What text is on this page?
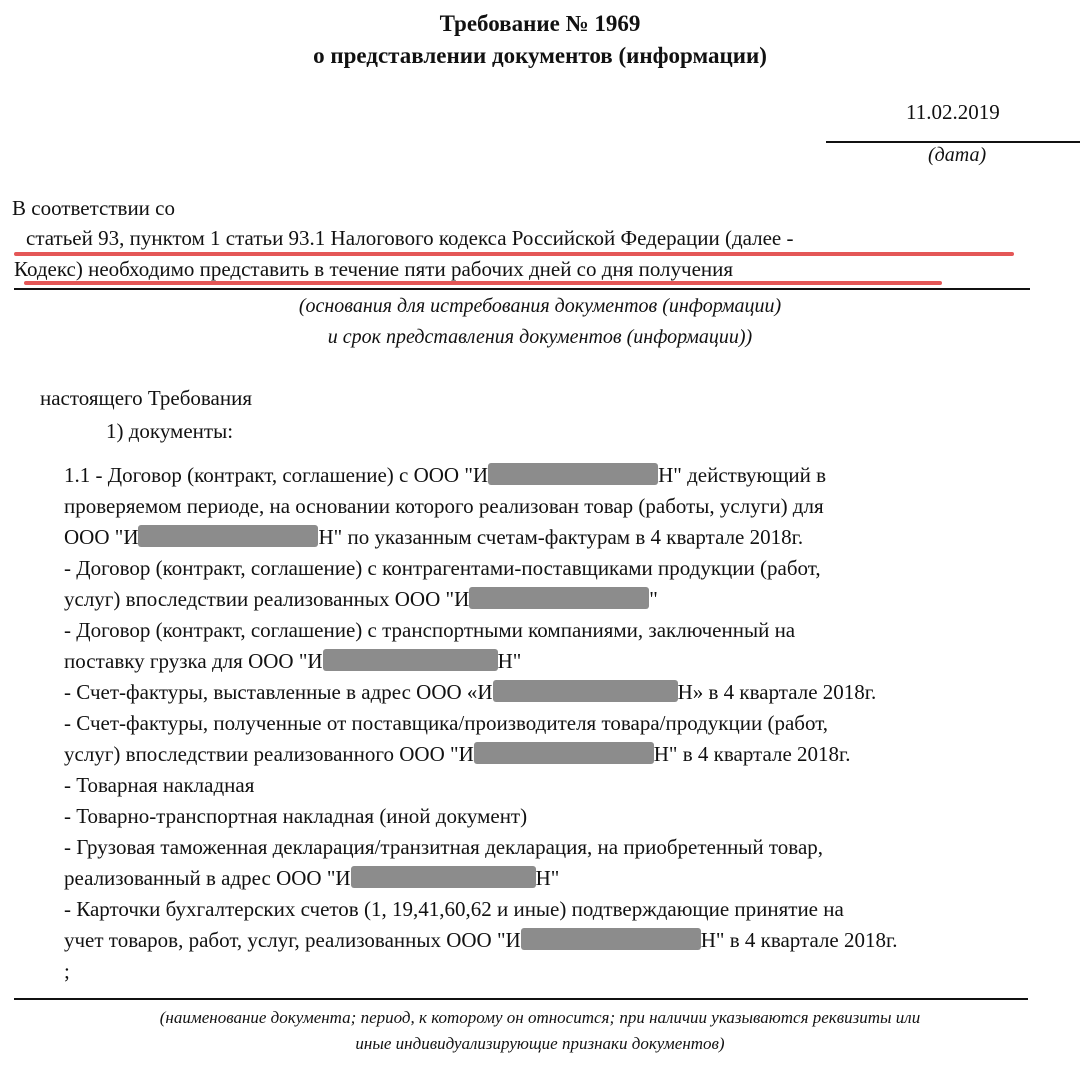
Требование № 1969
о представлении документов (информации)
11.02.2019
(дата)
В соответствии со
статьей 93, пунктом 1 статьи 93.1 Налогового кодекса Российской Федерации (далее -
Кодекс) необходимо представить в течение пяти рабочих дней со дня получения
(основания для истребования документов (информации)
и срок представления документов (информации))
настоящего Требования
1) документы:
1.1 - Договор (контракт, соглашение) с ООО "И	Н" действующий в
проверяемом периоде, на основании которого реализован товар (работы, услуги) для
ООО "И	Н" по указанным счетам-фактурам в 4 квартале 2018г.
- Договор (контракт, соглашение) с контрагентами-поставщиками продукции (работ,
услуг) впоследствии реализованных ООО "И	"
- Договор (контракт, соглашение) с транспортными компаниями, заключенный на
поставку грузка для ООО "И	Н"
- Счет-фактуры, выставленные в адрес ООО «И	Н» в 4 квартале 2018г.
- Счет-фактуры, полученные от поставщика/производителя товара/продукции (работ,
услуг) впоследствии реализованного ООО "И	Н" в 4 квартале 2018г.
- Товарная накладная
- Товарно-транспортная накладная (иной документ)
- Грузовая таможенная декларация/транзитная декларация, на приобретенный товар,
реализованный в адрес ООО "И	Н"
- Карточки бухгалтерских счетов (1, 19,41,60,62 и иные) подтверждающие принятие на
учет товаров, работ, услуг, реализованных ООО "И	Н" в 4 квартале 2018г.
;
(наименование документа; период, к которому он относится; при наличии указываются реквизиты или
иные индивидуализирующие признаки документов)
